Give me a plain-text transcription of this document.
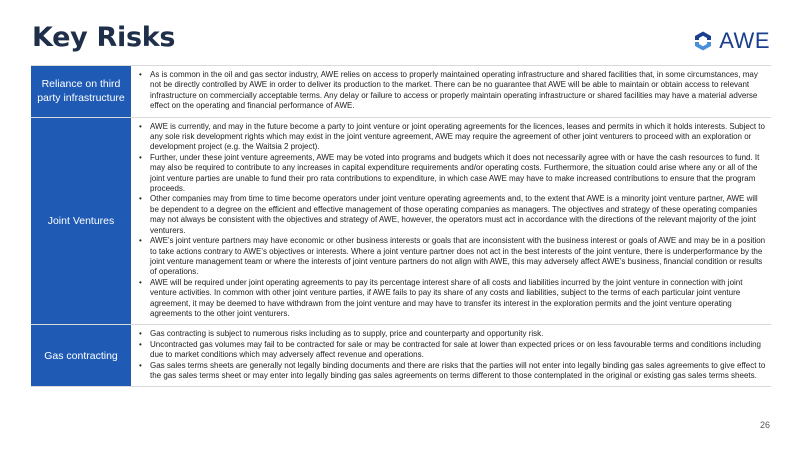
Key Risks	AWE
Reliance on third party infrastructure
• As is common in the oil and gas sector industry, AWE relies on access to properly maintained operating infrastructure and shared facilities that, in some circumstances, may not be directly controlled by AWE in order to deliver its production to the market. There can be no guarantee that AWE will be able to maintain or obtain access to relevant infrastructure on commercially acceptable terms. Any delay or failure to access or properly maintain operating infrastructure or shared facilities may have a material adverse effect on the operating and financial performance of AWE.
Joint Ventures
• AWE is currently, and may in the future become a party to joint venture or joint operating agreements for the licences, leases and permits in which it holds interests. Subject to any sole risk development rights which may exist in the joint venture agreement, AWE may require the agreement of other joint venturers to proceed with an exploration or development project (e.g. the Waitsia 2 project).
• Further, under these joint venture agreements, AWE may be voted into programs and budgets which it does not necessarily agree with or have the cash resources to fund. It may also be required to contribute to any increases in capital expenditure requirements and/or operating costs. Furthermore, the situation could arise where any or all of the joint venture parties are unable to fund their pro rata contributions to expenditure, in which case AWE may have to make increased contributions to ensure that the program proceeds.
• Other companies may from time to time become operators under joint venture operating agreements and, to the extent that AWE is a minority joint venture partner, AWE will be dependent to a degree on the efficient and effective management of those operating companies as managers. The objectives and strategy of these operating companies may not always be consistent with the objectives and strategy of AWE, however, the operators must act in accordance with the directions of the relevant majority of the joint venturers.
• AWE’s joint venture partners may have economic or other business interests or goals that are inconsistent with the business interest or goals of AWE and may be in a position to take actions contrary to AWE’s objectives or interests. Where a joint venture partner does not act in the best interests of the joint venture, there is underperformance by the joint venture management team or where the interests of joint venture partners do not align with AWE, this may adversely affect AWE’s business, financial condition or results of operations.
• AWE will be required under joint operating agreements to pay its percentage interest share of all costs and liabilities incurred by the joint venture in connection with joint venture activities. In common with other joint venture parties, if AWE fails to pay its share of any costs and liabilities, subject to the terms of each particular joint venture agreement, it may be deemed to have withdrawn from the joint venture and may have to transfer its interest in the exploration permits and the joint venture operating agreements to the other joint venturers.
Gas contracting
• Gas contracting is subject to numerous risks including as to supply, price and counterparty and opportunity risk.
• Uncontracted gas volumes may fail to be contracted for sale or may be contracted for sale at lower than expected prices or on less favourable terms and conditions including due to market conditions which may adversely affect revenue and operations.
• Gas sales terms sheets are generally not legally binding documents and there are risks that the parties will not enter into legally binding gas sales agreements to give effect to the gas sales terms sheet or may enter into legally binding gas sales agreements on terms different to those contemplated in the original or existing gas sales terms sheets.
26
